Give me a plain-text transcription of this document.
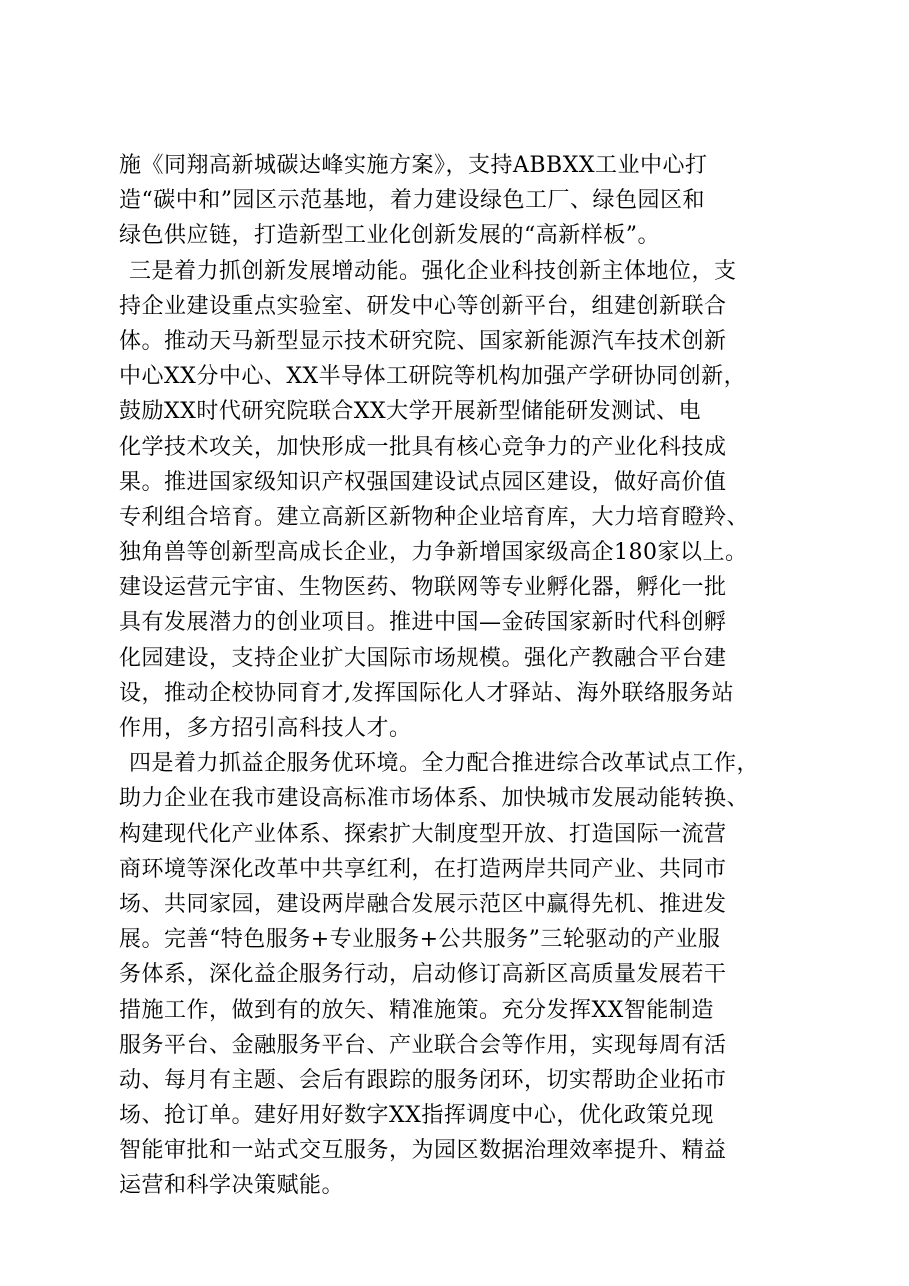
施《同翔高新城碳达峰实施方案》，支持ABBXX工业中心打
造“碳中和”园区示范基地，着力建设绿色工厂、绿色园区和
绿色供应链，打造新型工业化创新发展的“高新样板”。
三是着力抓创新发展增动能。强化企业科技创新主体地位，支
持企业建设重点实验室、研发中心等创新平台，组建创新联合
体。推动天马新型显示技术研究院、国家新能源汽车技术创新
中心XX分中心、XX半导体工研院等机构加强产学研协同创新，
鼓励XX时代研究院联合XX大学开展新型储能研发测试、电
化学技术攻关，加快形成一批具有核心竞争力的产业化科技成
果。推进国家级知识产权强国建设试点园区建设，做好高价值
专利组合培育。建立高新区新物种企业培育库，大力培育瞪羚、
独角兽等创新型高成长企业，力争新增国家级高企180家以上。
建设运营元宇宙、生物医药、物联网等专业孵化器，孵化一批
具有发展潜力的创业项目。推进中国—金砖国家新时代科创孵
化园建设，支持企业扩大国际市场规模。强化产教融合平台建
设，推动企校协同育才,发挥国际化人才驿站、海外联络服务站
作用，多方招引高科技人才。
四是着力抓益企服务优环境。全力配合推进综合改革试点工作，
助力企业在我市建设高标准市场体系、加快城市发展动能转换、
构建现代化产业体系、探索扩大制度型开放、打造国际一流营
商环境等深化改革中共享红利，在打造两岸共同产业、共同市
场、共同家园，建设两岸融合发展示范区中赢得先机、推进发
展。完善“特色服务+专业服务+公共服务”三轮驱动的产业服
务体系，深化益企服务行动，启动修订高新区高质量发展若干
措施工作，做到有的放矢、精准施策。充分发挥XX智能制造
服务平台、金融服务平台、产业联合会等作用，实现每周有活
动、每月有主题、会后有跟踪的服务闭环，切实帮助企业拓市
场、抢订单。建好用好数字XX指挥调度中心，优化政策兑现
智能审批和一站式交互服务，为园区数据治理效率提升、精益
运营和科学决策赋能。
